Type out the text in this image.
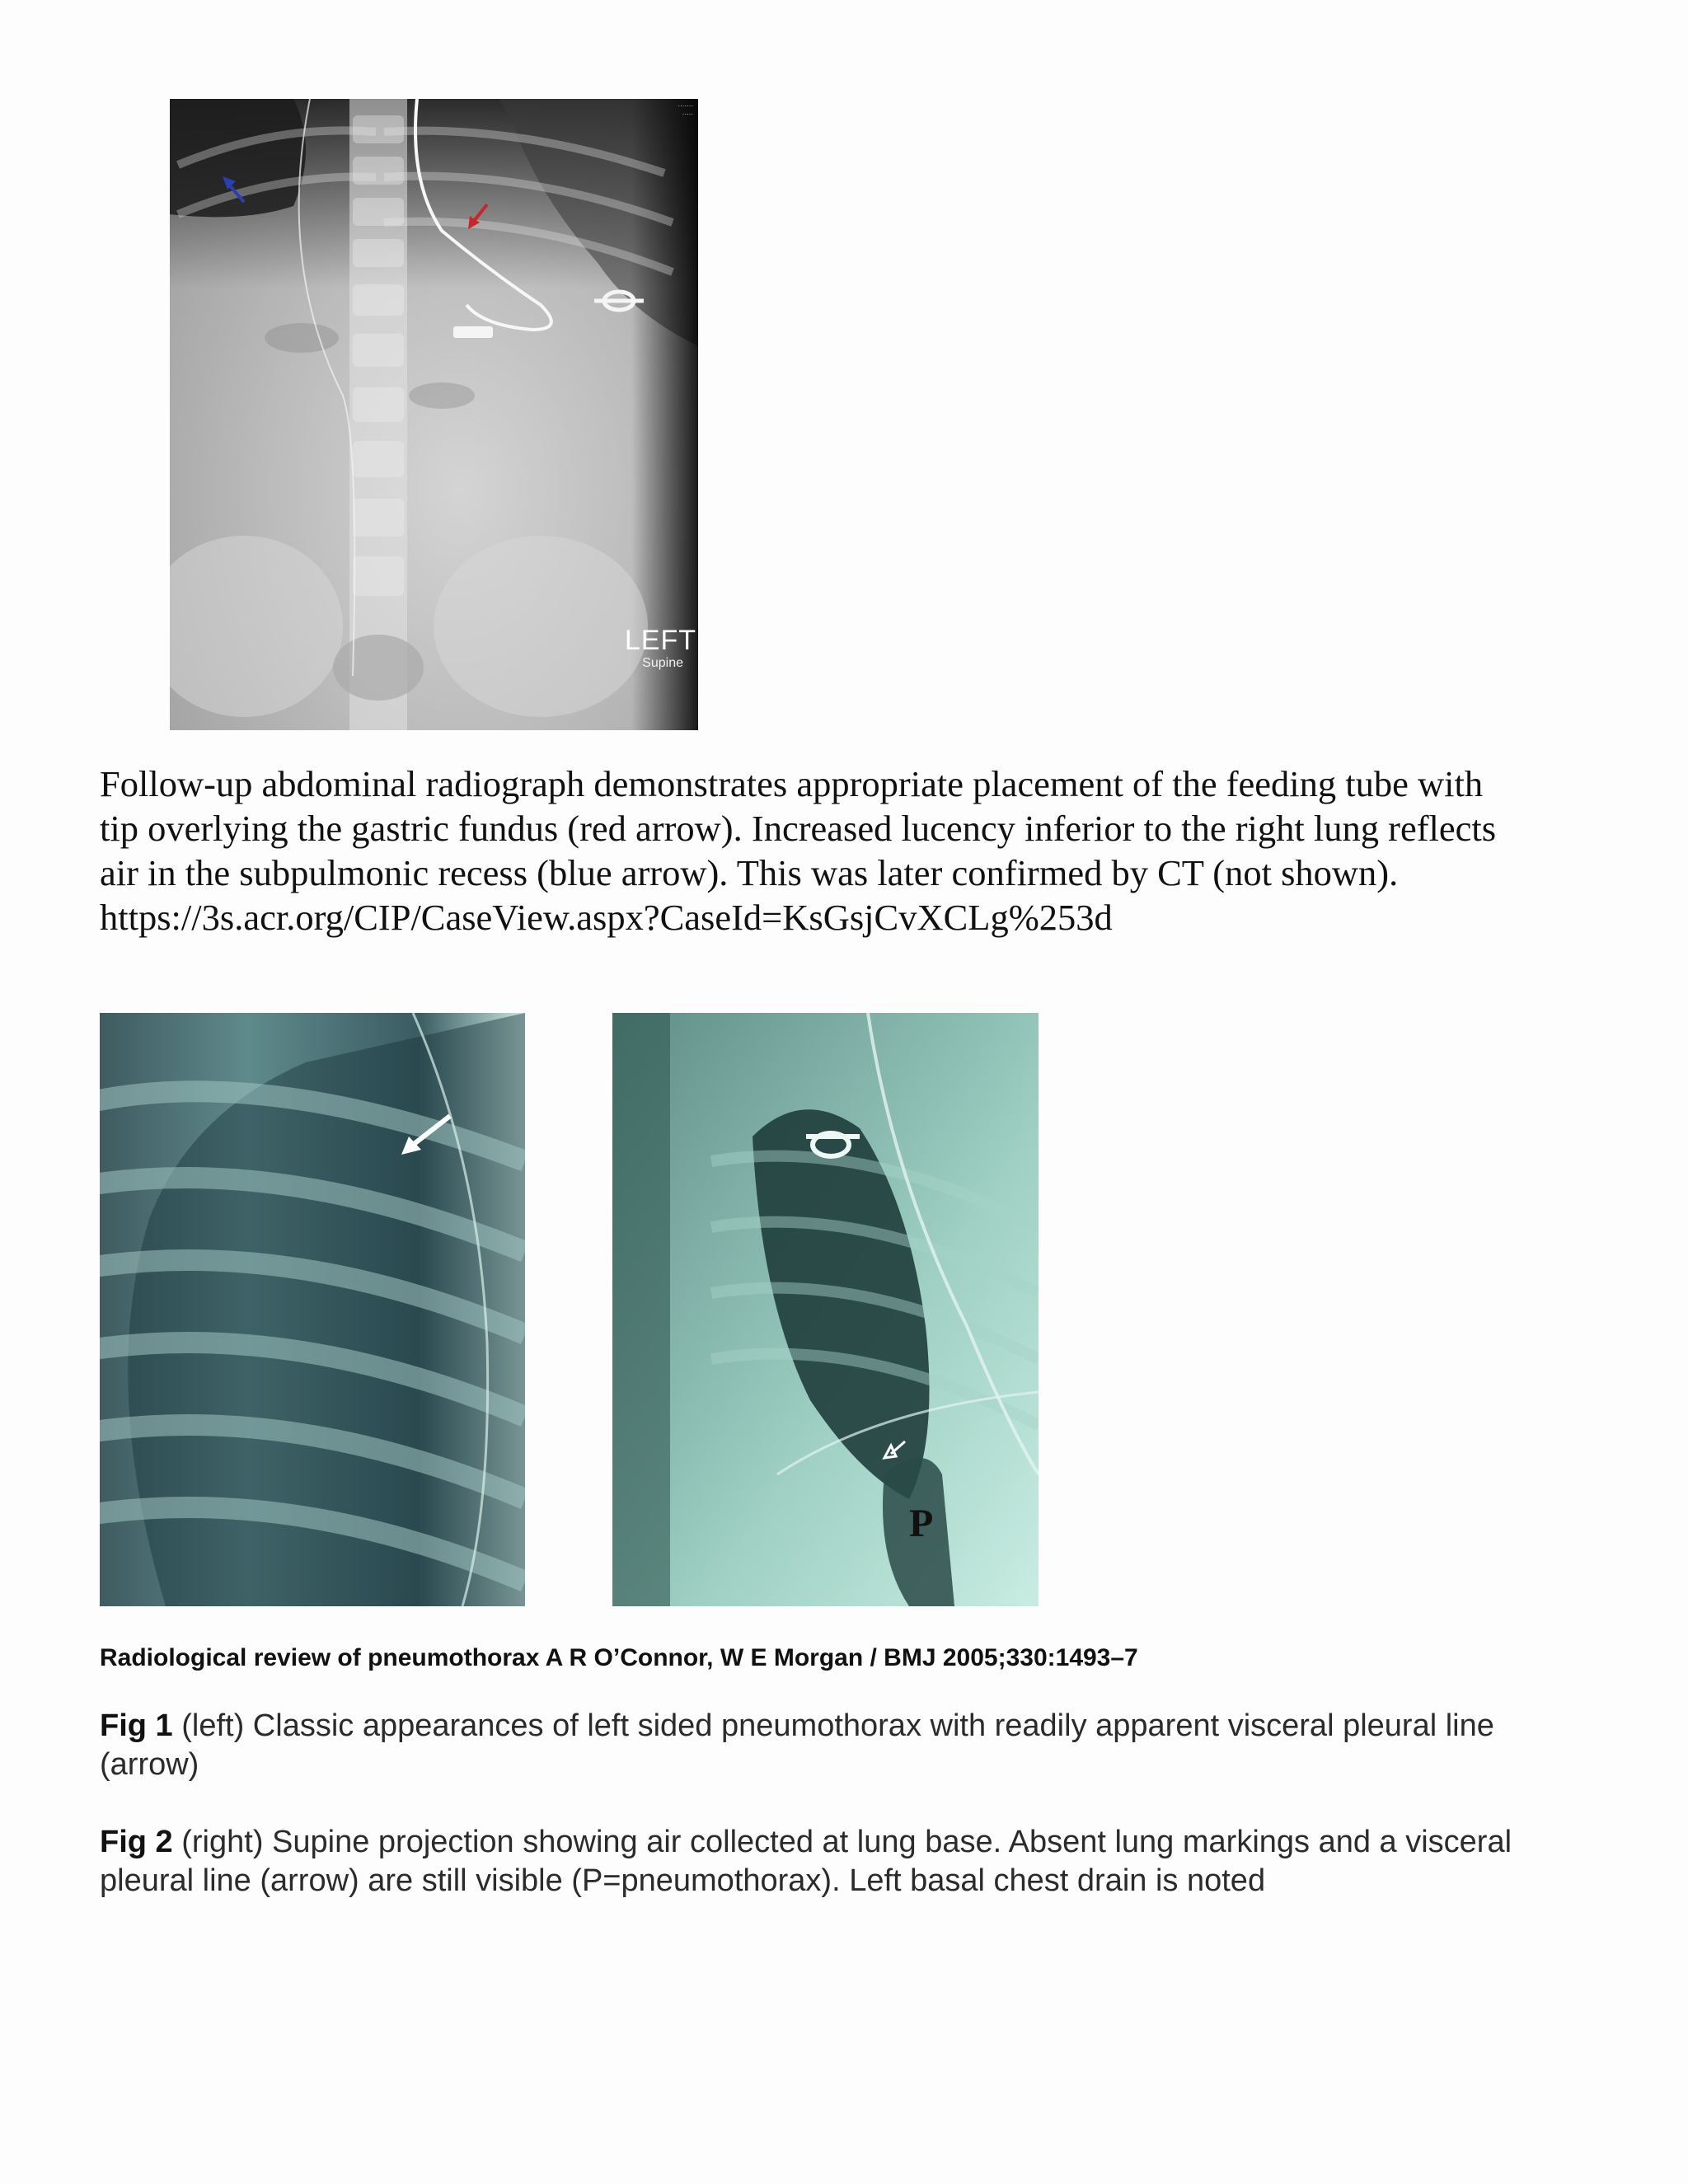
·······
·····
LEFT
Supine

Follow-up abdominal radiograph demonstrates appropriate placement of the feeding tube with

tip overlying the gastric fundus (red arrow). Increased lucency inferior to the right lung reflects

air in the subpulmonic recess (blue arrow). This was later confirmed by CT (not shown).

https://3s.acr.org/CIP/CaseView.aspx?CaseId=KsGsjCvXCLg%253d

P
Radiological review of pneumothorax A R O’Connor, W E Morgan / BMJ 2005;330:1493–7
Fig 1 (left) Classic appearances of left sided pneumothorax with readily apparent visceral pleural line (arrow)
Fig 2 (right) Supine projection showing air collected at lung base. Absent lung markings and a visceral pleural line (arrow) are still visible (P=pneumothorax). Left basal chest drain is noted
